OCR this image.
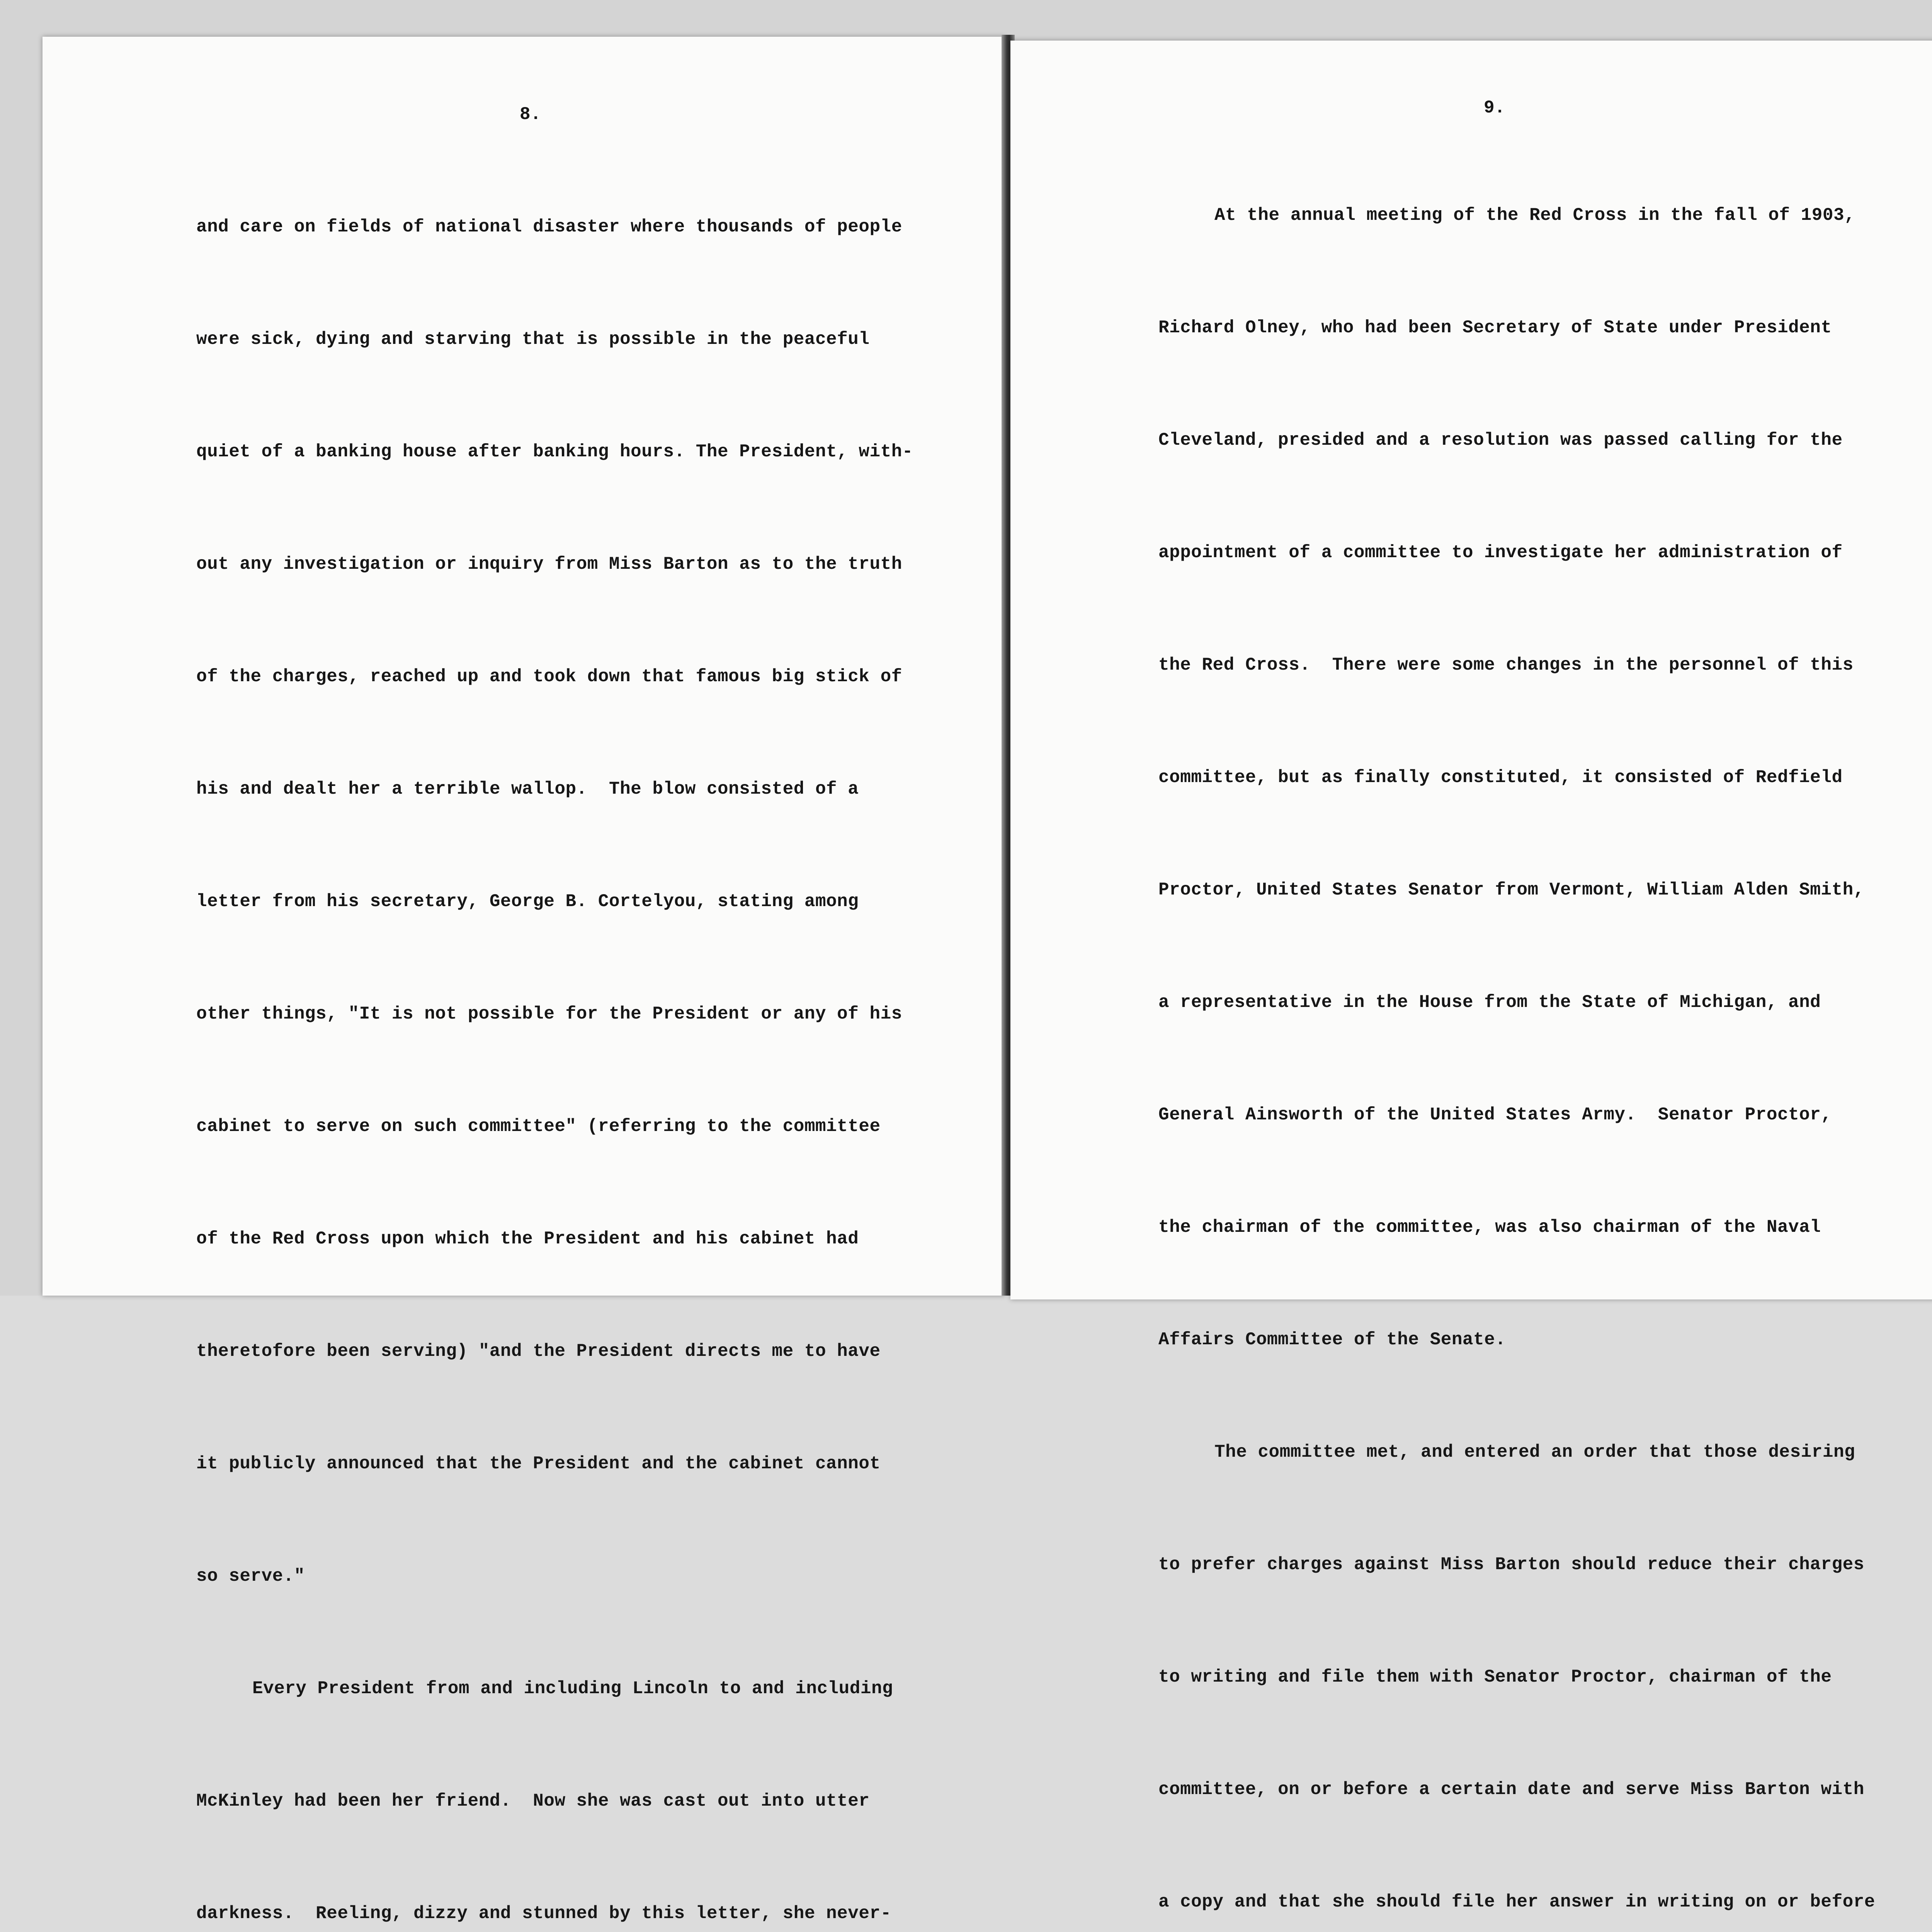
8.

and care on fields of national disaster where thousands of people

were sick, dying and starving that is possible in the peaceful

quiet of a banking house after banking hours. The President, with-

out any investigation or inquiry from Miss Barton as to the truth

of the charges, reached up and took down that famous big stick of

his and dealt her a terrible wallop.  The blow consisted of a

letter from his secretary, George B. Cortelyou, stating among

other things, "It is not possible for the President or any of his

cabinet to serve on such committee" (referring to the committee

of the Red Cross upon which the President and his cabinet had

theretofore been serving) "and the President directs me to have

it publicly announced that the President and the cabinet cannot

so serve."

Every President from and including Lincoln to and including

McKinley had been her friend.  Now she was cast out into utter

darkness.  Reeling, dizzy and stunned by this letter, she never-

9.

At the annual meeting of the Red Cross in the fall of 1903,

Richard Olney, who had been Secretary of State under President

Cleveland, presided and a resolution was passed calling for the

appointment of a committee to investigate her administration of

the Red Cross.  There were some changes in the personnel of this

committee, but as finally constituted, it consisted of Redfield

Proctor, United States Senator from Vermont, William Alden Smith,

a representative in the House from the State of Michigan, and

General Ainsworth of the United States Army.  Senator Proctor,

the chairman of the committee, was also chairman of the Naval

Affairs Committee of the Senate.

The committee met, and entered an order that those desiring

to prefer charges against Miss Barton should reduce their charges

to writing and file them with Senator Proctor, chairman of the

committee, on or before a certain date and serve Miss Barton with

a copy and that she should file her answer in writing on or before
